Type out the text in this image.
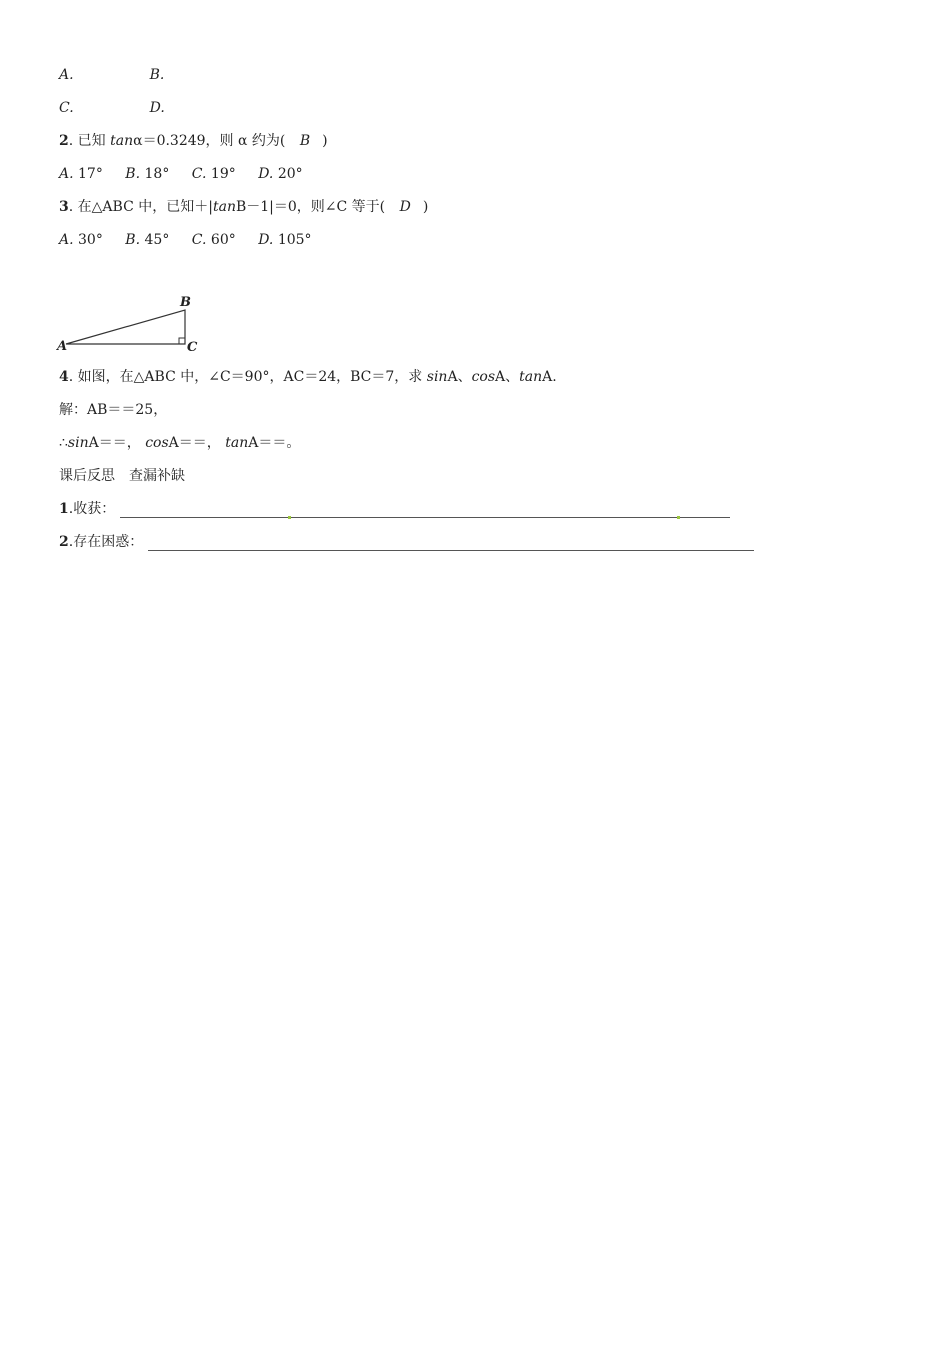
A.	B.
C.	D.
2. 已知 tanα＝0.3249，则 α 约为( B )
A. 17° B. 18° C. 19° D. 20°
3. 在△ABC 中，已知＋|tanB－1|＝0，则∠C 等于( D )
A. 30° B. 45° C. 60° D. 105°
A
B
C
4. 如图，在△ABC 中，∠C＝90°，AC＝24，BC＝7，求 sinA、cosA、tanA.
解：AB＝＝25，
∴sinA＝＝， cosA＝＝， tanA＝＝。
课后反思　查漏补缺
1.收获：
2.存在困惑：
